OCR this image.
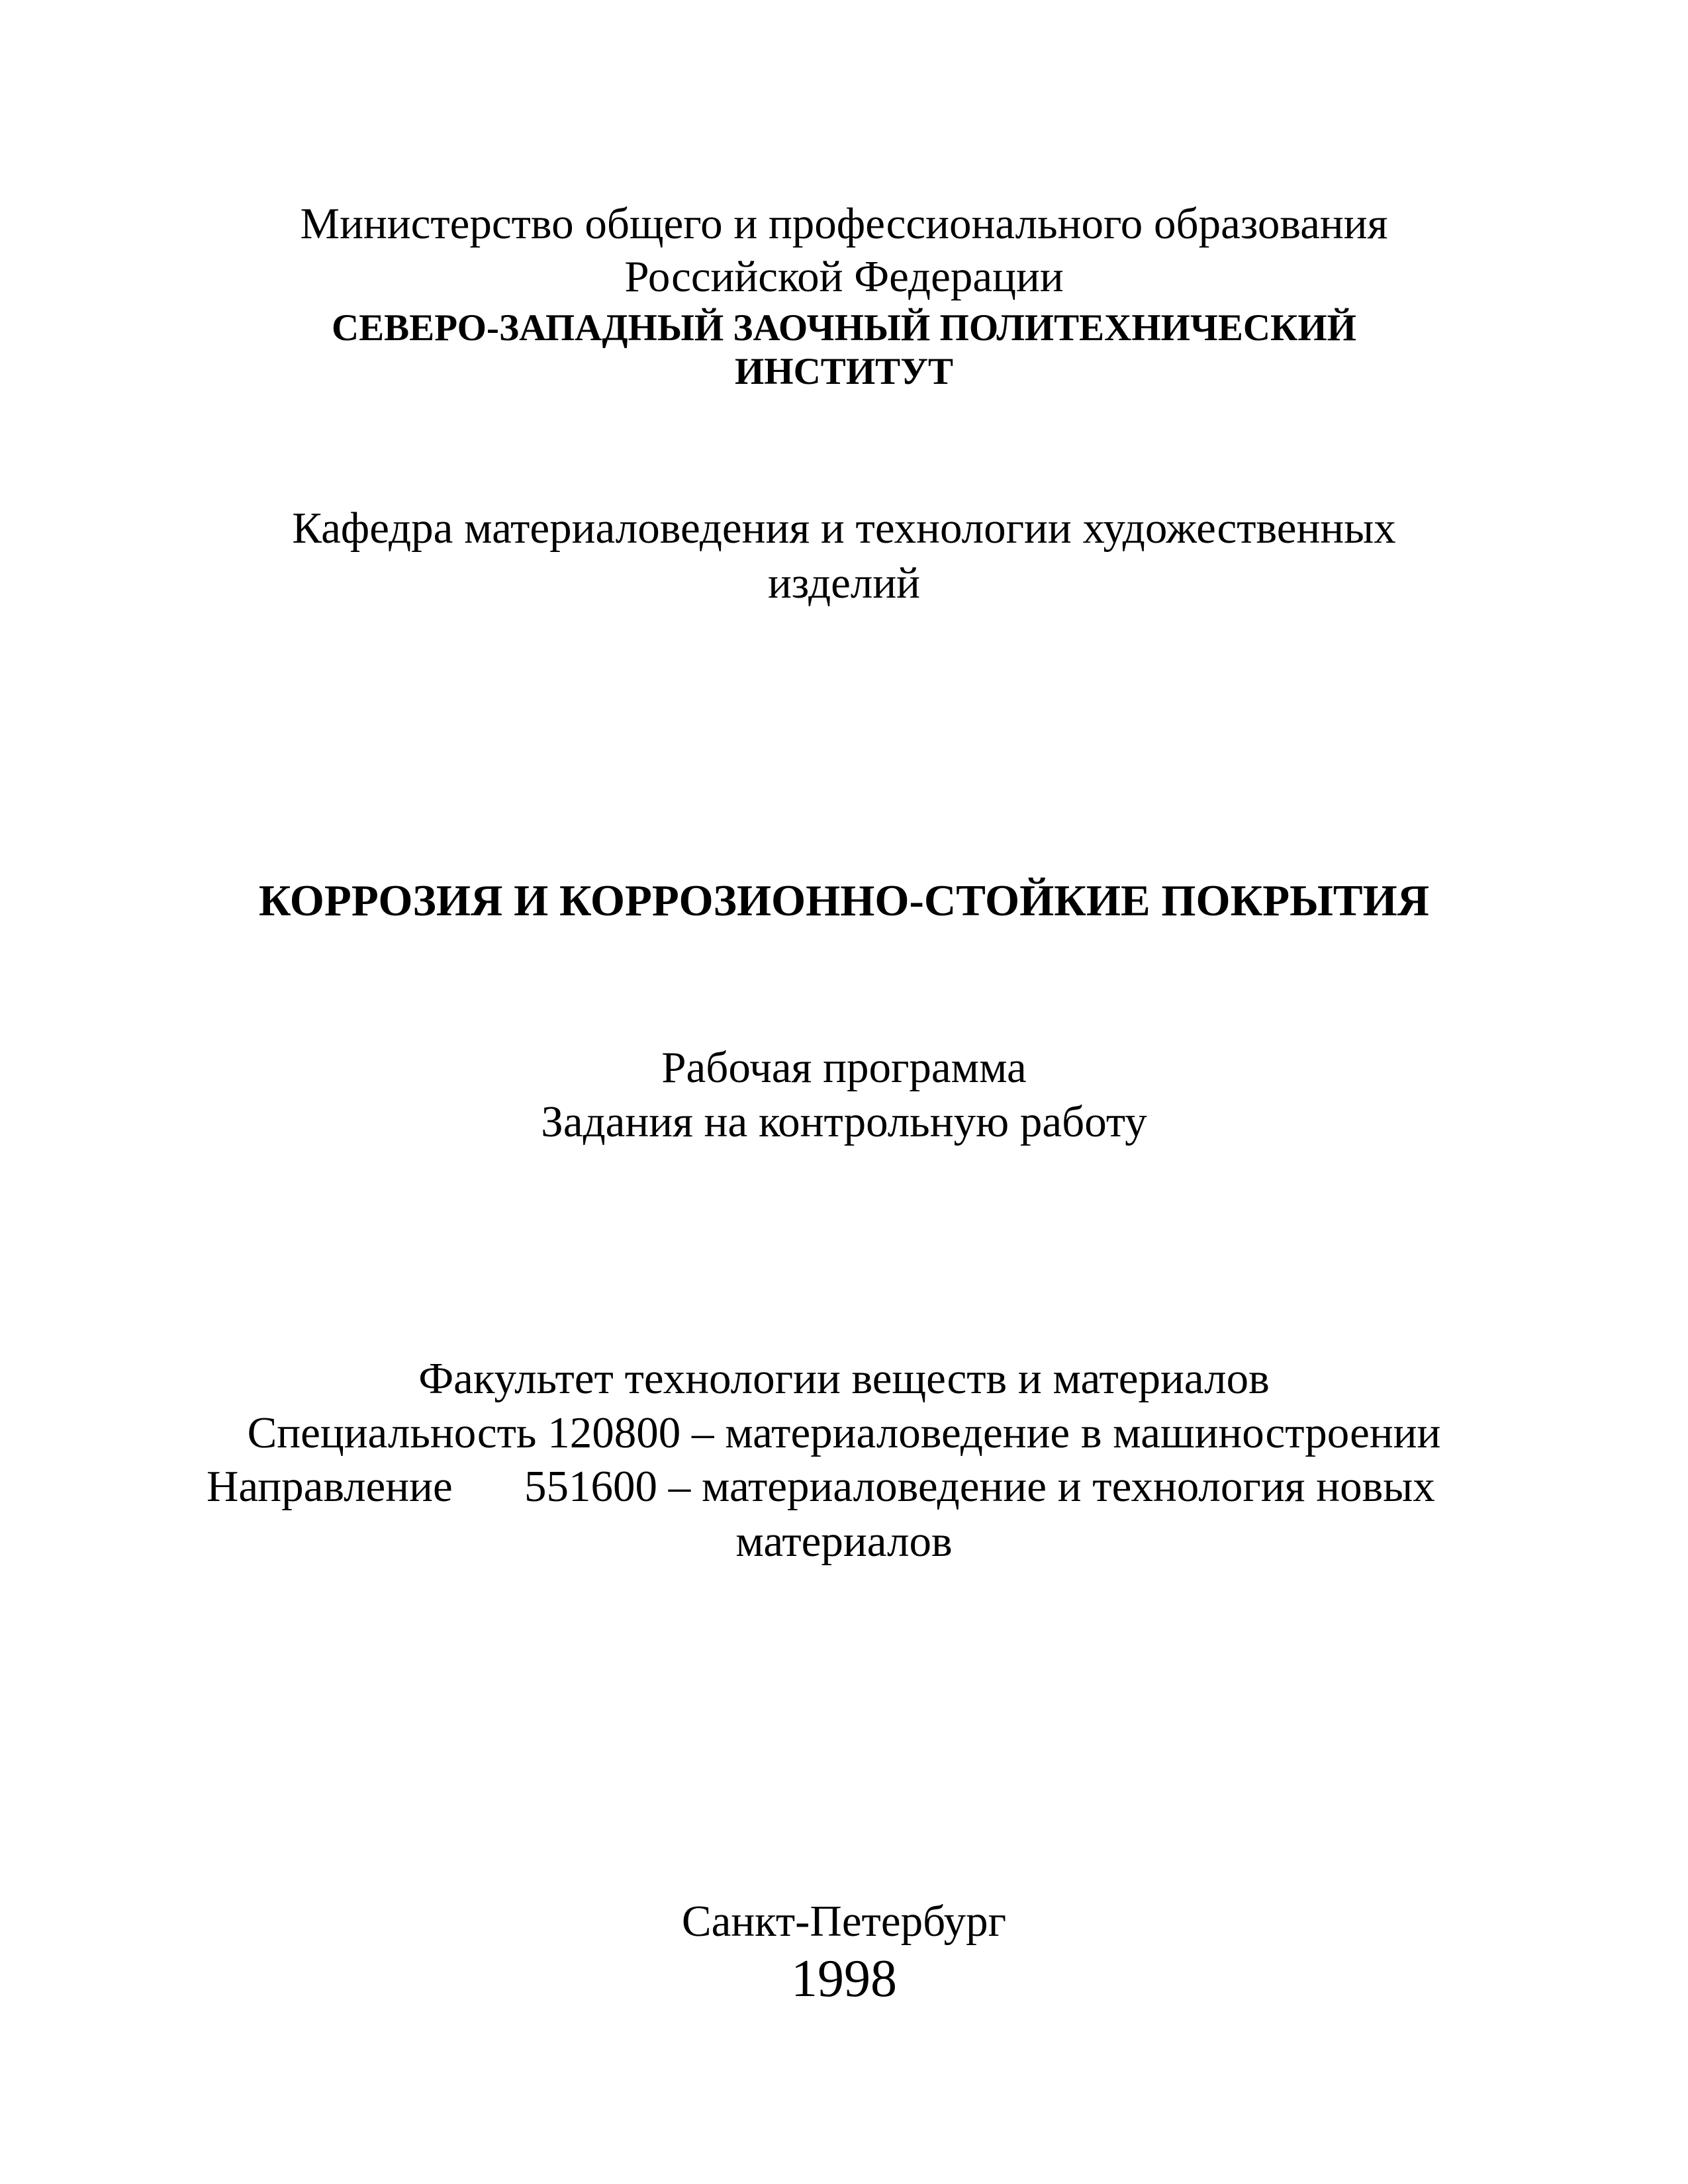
Министерство общего и профессионального образования
Российской Федерации
СЕВЕРО-ЗАПАДНЫЙ ЗАОЧНЫЙ ПОЛИТЕХНИЧЕСКИЙ
ИНСТИТУТ
Кафедра материаловедения и технологии художественных
изделий
КОРРОЗИЯ И КОРРОЗИОННО-СТОЙКИЕ ПОКРЫТИЯ
Рабочая программа
Задания на контрольную работу
Факультет технологии веществ и материалов
Специальность 120800 – материаловедение в машиностроении
Направление 551600 – материаловедение и технология новых
материалов
Санкт-Петербург
1998
